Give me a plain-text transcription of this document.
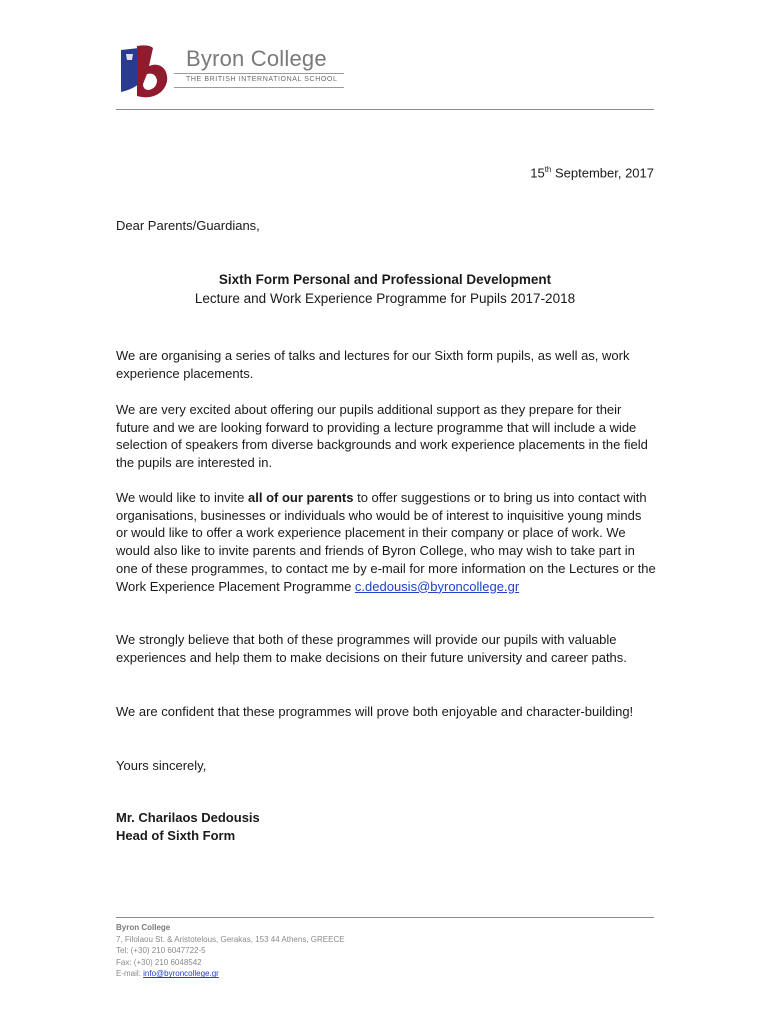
Byron College
THE BRITISH INTERNATIONAL SCHOOL
15th September, 2017
Dear Parents/Guardians,
Sixth Form Personal and Professional Development
Lecture and Work Experience Programme for Pupils 2017-2018

We are organising a series of talks and lectures for our Sixth form pupils, as well as, work experience placements.

We are very excited about offering our pupils additional support as they prepare for their future and we are looking forward to providing a lecture programme that will include a wide selection of speakers from diverse backgrounds and work experience placements in the field the pupils are interested in.

We would like to invite all of our parents to offer suggestions or to bring us into contact with organisations, businesses or individuals who would be of interest to inquisitive young minds or would like to offer a work experience placement in their company or place of work. We would also like to invite parents and friends of Byron College, who may wish to take part in one of these programmes, to contact me by e-mail for more information on the Lectures or the Work Experience Placement Programme c.dedousis@byroncollege.gr

We strongly believe that both of these programmes will provide our pupils with valuable experiences and help them to make decisions on their future university and career paths.

We are confident that these programmes will prove both enjoyable and character-building!

Yours sincerely,

Mr. Charilaos Dedousis
Head of Sixth Form
Byron College
7, Filolaou St. & Aristotelous, Gerakas, 153 44 Athens, GREECE
Tel: (+30) 210 6047722-5
Fax: (+30) 210 6048542
E-mail: info@byroncollege.gr
